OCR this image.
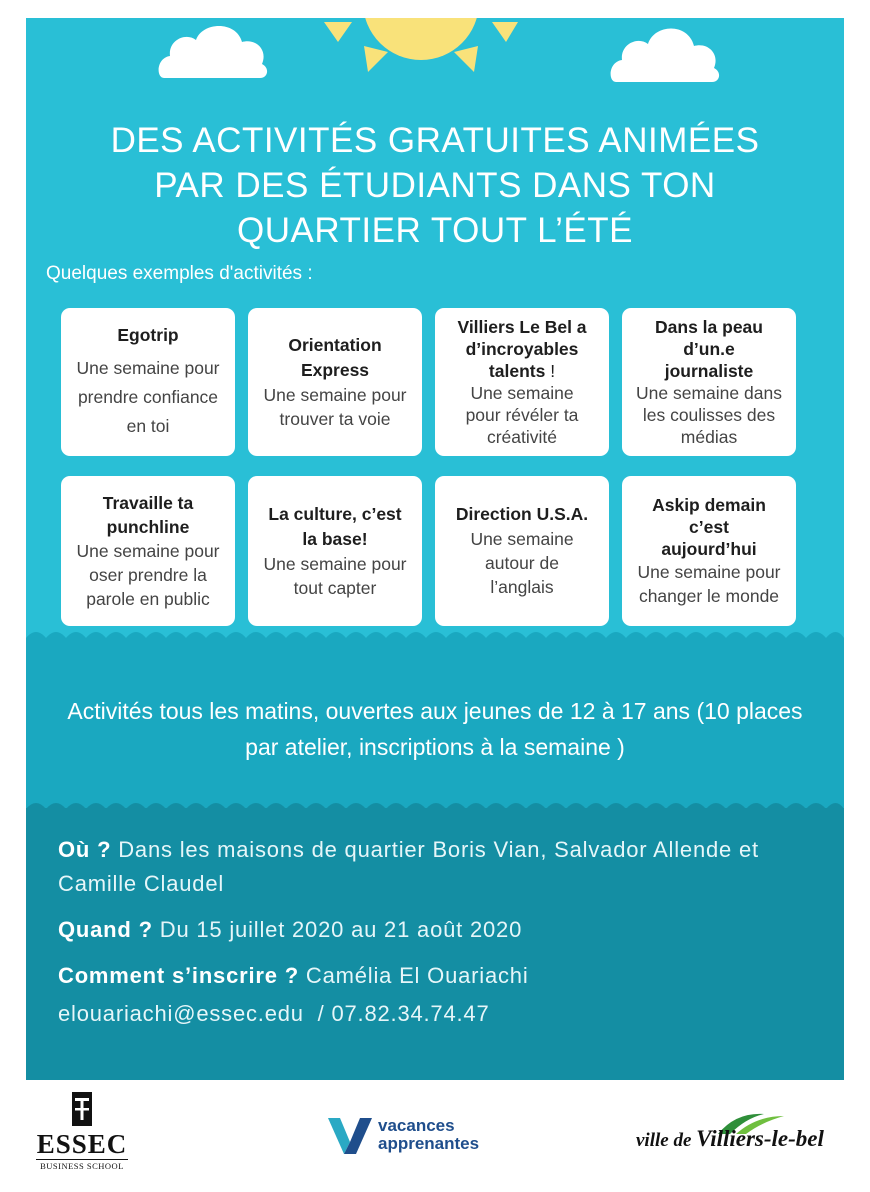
DES ACTIVITÉS GRATUITES ANIMÉES
PAR DES ÉTUDIANTS DANS TON
QUARTIER TOUT L’ÉTÉ

Quelques exemples d'activités :

Egotrip
Une semaine pour prendre confiance en toi
Orientation Express
Une semaine pour trouver ta voie
Villiers Le Bel a d’incroyables talents !
Une semaine pour révéler ta créativité
Dans la peau d’un.e journaliste
Une semaine dans les coulisses des médias
Travaille ta punchline
Une semaine pour oser prendre la parole en public
La culture, c’est la base!
Une semaine pour tout capter
Direction U.S.A.
Une semaine autour de l’anglais
Askip demain c’est aujourd’hui
Une semaine pour changer le monde

Activités tous les matins, ouvertes aux jeunes de 12 à 17 ans (10 places par atelier, inscriptions à la semaine )

Où ? Dans les maisons de quartier Boris Vian, Salvador Allende et Camille Claudel

Quand ? Du 15 juillet 2020 au 21 août 2020

Comment s’inscrire ? Camélia El Ouariachi

elouariachi@essec.edu  / 07.82.34.74.47

ESSEC
BUSINESS SCHOOL
vacances
apprenantes	ville de Villiers-le-bel
